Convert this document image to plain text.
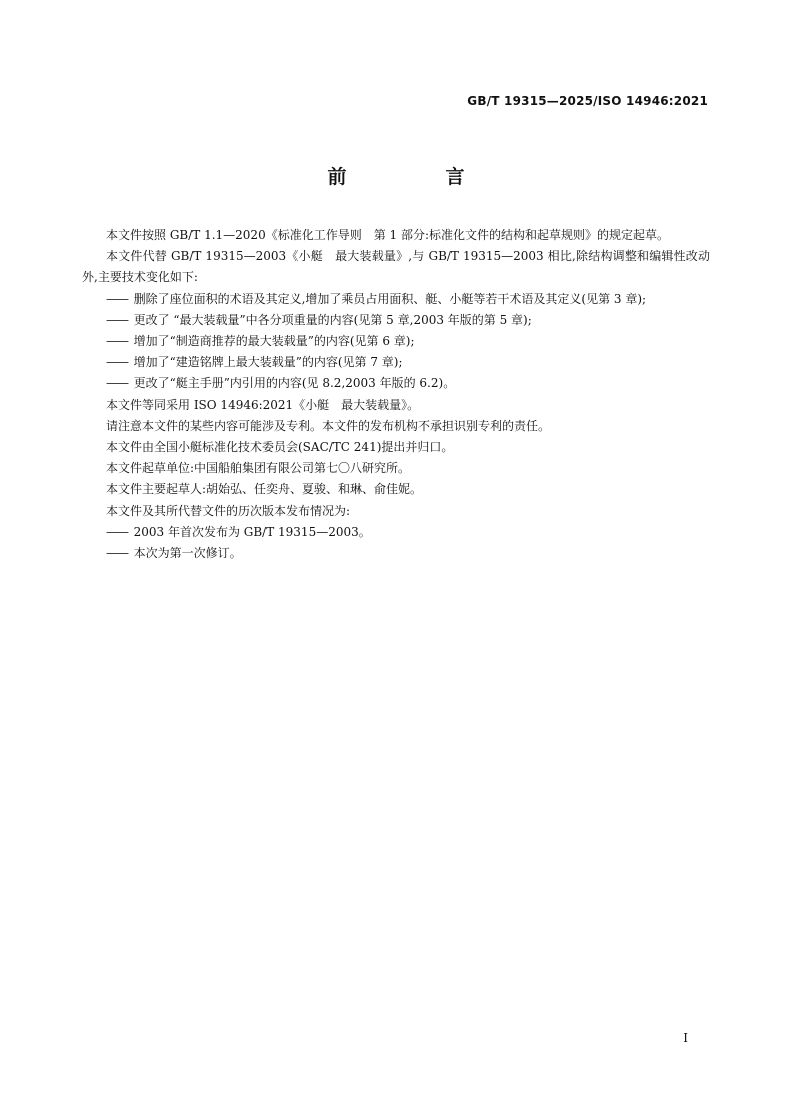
GB/T 19315—2025/ISO 14946:2021
前　言

本文件按照 GB/T 1.1—2020《标准化工作导则　第 1 部分:标准化文件的结构和起草规则》的规定起草。

本文件代替 GB/T 19315—2003《小艇　最大装载量》,与 GB/T 19315—2003 相比,除结构调整和编辑性改动外,主要技术变化如下:

—— 删除了座位面积的术语及其定义,增加了乘员占用面积、艇、小艇等若干术语及其定义(见第 3 章);

—— 更改了 “最大装载量”中各分项重量的内容(见第 5 章,2003 年版的第 5 章);

—— 增加了“制造商推荐的最大装载量”的内容(见第 6 章);

—— 增加了“建造铭牌上最大装载量”的内容(见第 7 章);

—— 更改了“艇主手册”内引用的内容(见 8.2,2003 年版的 6.2)。

本文件等同采用 ISO 14946:2021《小艇　最大装载量》。

请注意本文件的某些内容可能涉及专利。本文件的发布机构不承担识别专利的责任。

本文件由全国小艇标准化技术委员会(SAC/TC 241)提出并归口。

本文件起草单位:中国船舶集团有限公司第七〇八研究所。

本文件主要起草人:胡始弘、任奕舟、夏骏、和琳、俞佳妮。

本文件及其所代替文件的历次版本发布情况为:

—— 2003 年首次发布为 GB/T 19315—2003。

—— 本次为第一次修订。

I
